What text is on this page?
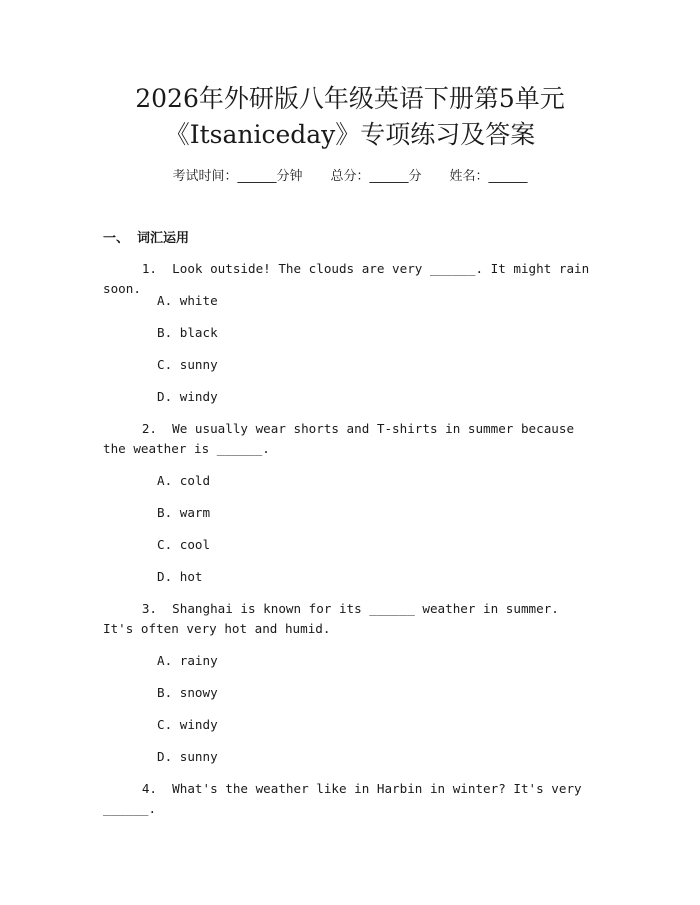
2026年外研版八年级英语下册第5单元
《Itsaniceday》专项练习及答案
考试时间：______分钟 总分：______分 姓名：______
一、 词汇运用
1. Look outside! The clouds are very ______. It might rain soon.
A. white
B. black
C. sunny
D. windy
2. We usually wear shorts and T-shirts in summer because the weather is ______.
A. cold
B. warm
C. cool
D. hot
3. Shanghai is known for its ______ weather in summer. It's often very hot and humid.
A. rainy
B. snowy
C. windy
D. sunny
4. What's the weather like in Harbin in winter? It's very ______.
